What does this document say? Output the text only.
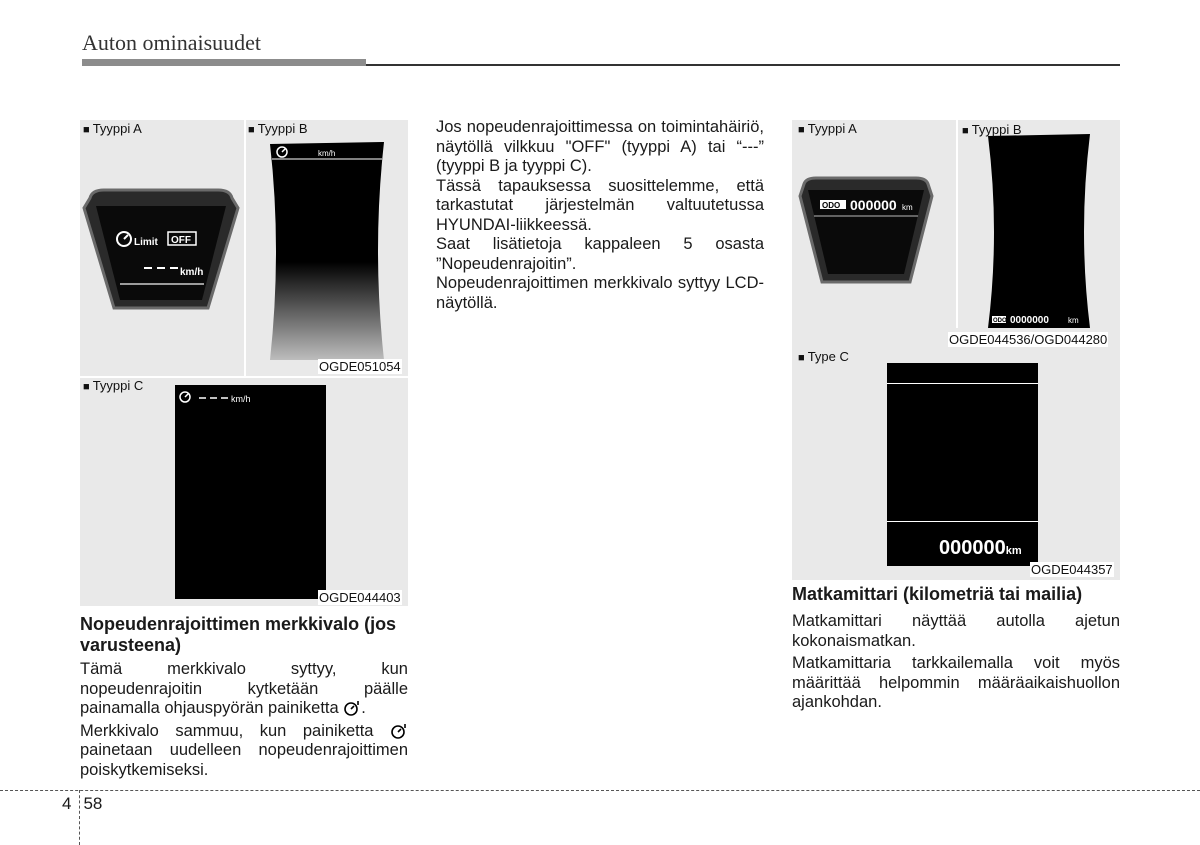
Auton ominaisuudet
■ Tyyppi A
Limit OFF
km/h
■ Tyyppi B
km/h
OGDE051054
■ Tyyppi C
km/h
OGDE044403
Nopeudenrajoittimen merkkivalo (jos varusteena)

Tämä merkkivalo syttyy, kun nopeudenrajoitin kytketään päälle painamalla ohjauspyörän painiketta .

Merkkivalo sammuu, kun painiketta  painetaan uudelleen nopeudenrajoittimen poiskytkemiseksi.

Jos nopeudenrajoittimessa on toimintahäiriö, näytöllä vilkkuu "OFF" (tyyppi A) tai “---” (tyyppi B ja tyyppi C).

Tässä tapauksessa suosittelemme, että tarkastutat järjestelmän valtuutetussa HYUNDAI-liikkeessä.

Saat lisätietoja kappaleen 5 osasta ”Nopeudenrajoitin”.

Nopeudenrajoittimen merkkivalo syttyy LCD-näytöllä.

■ Tyyppi A
ODO 000000 km
■ Tyyppi B
ODO 0000000 km
OGDE044536/OGD044280
■ Type C
000000km
OGDE044357
Matkamittari (kilometriä tai mailia)

Matkamittari näyttää autolla ajetun kokonaismatkan.

Matkamittaria tarkkailemalla voit myös määrittää helpommin määräaikaishuollon ajankohdan.

4 58
